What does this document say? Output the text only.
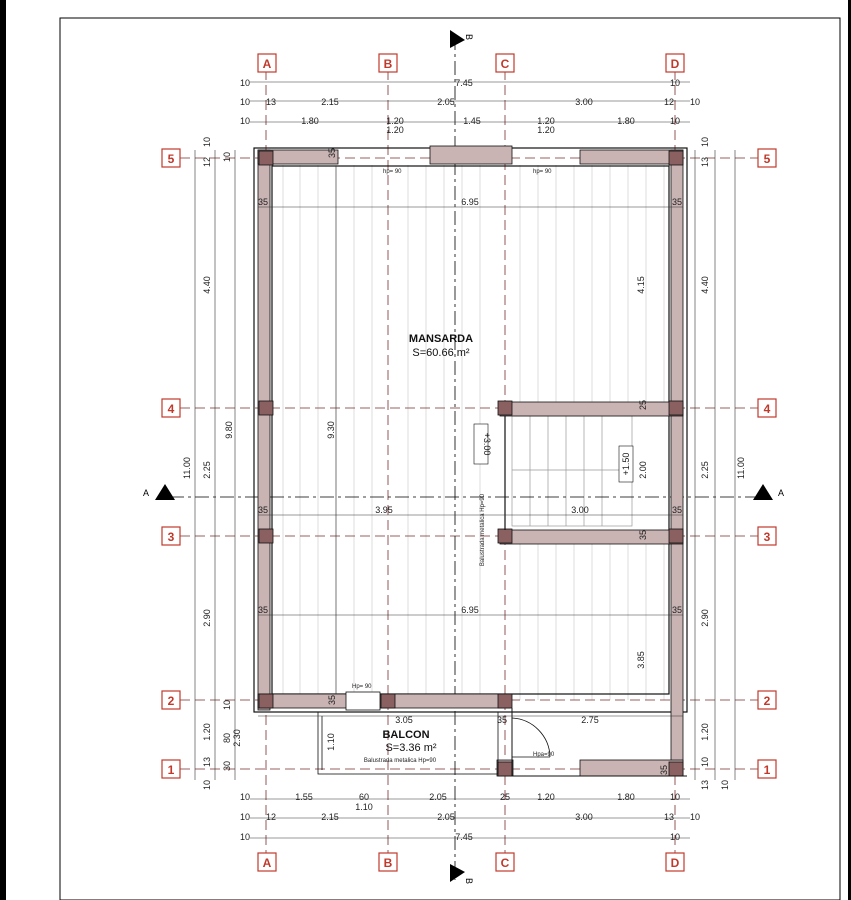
A	B	C	D
A	B	C	D
5
4
3
2
1
5
4
3
2
1
B
B
A	A
MANSARDA
S=60.66 m²
BALCON
S=3.36 m²
10	7.45	10
10 13	2.15	2.05	3.00	12 10
10	1.80	1.20
1.20
1.45	1.20
1.20
1.80	10
10	1.55	60
1.10
2.05	25	1.20	1.80	10
10 12	2.15	2.05	3.00	13 10
10	7.45	10
11.00
9.80
4.40
2.25
2.90
1.20
10
13
10
12
10
80 2.30
30
11.00
4.40
2.25
2.90
1.20
10
13 10
13
10
6.95
3.95	3.00
6.95
9.30
4.15
3.85
2.00
3.05
1.10
2.75
35	35
35	35
35	35
35
35
25
35
35
35
10
hp= 90	hp= 90
Hp= 90
+3.00
+1.50
Balustrada metalica Hp=90
Balustrada metalica Hp=90
Hpa=90
